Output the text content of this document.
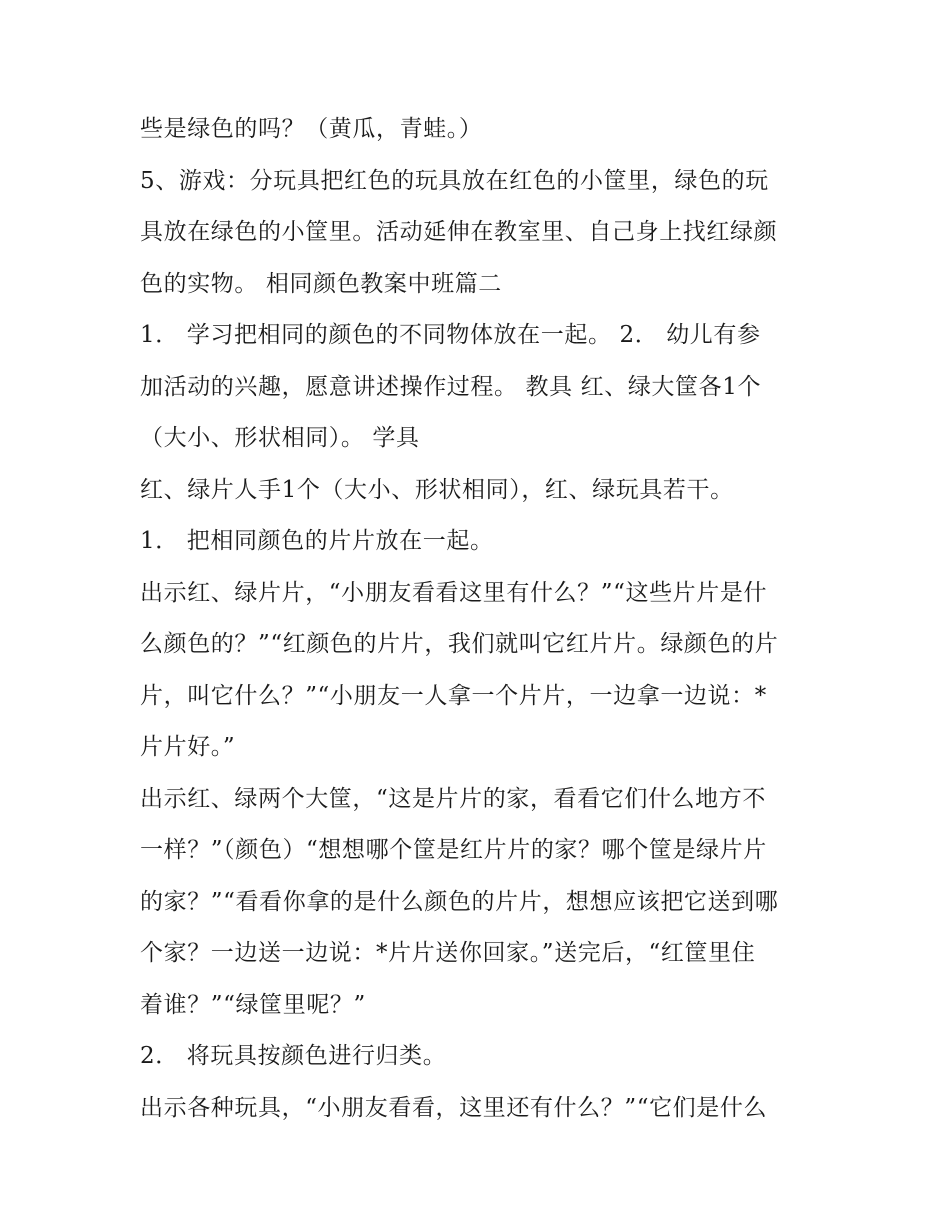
些是绿色的吗？（黄瓜，青蛙。）
5、游戏：分玩具把红色的玩具放在红色的小筐里，绿色的玩
具放在绿色的小筐里。活动延伸在教室里、自己身上找红绿颜
色的实物。 相同颜色教案中班篇二
1． 学习把相同的颜色的不同物体放在一起。 2． 幼儿有参
加活动的兴趣，愿意讲述操作过程。 教具 红、绿大筐各1个
（大小、形状相同）。 学具
红、绿片人手1个（大小、形状相同），红、绿玩具若干。
1． 把相同颜色的片片放在一起。
出示红、绿片片，“小朋友看看这里有什么？”“这些片片是什
么颜色的？”“红颜色的片片，我们就叫它红片片。绿颜色的片
片，叫它什么？”“小朋友一人拿一个片片，一边拿一边说：*
片片好。”
出示红、绿两个大筐，“这是片片的家，看看它们什么地方不
一样？”（颜色）“想想哪个筐是红片片的家？哪个筐是绿片片
的家？”“看看你拿的是什么颜色的片片，想想应该把它送到哪
个家？一边送一边说：*片片送你回家。”送完后，“红筐里住
着谁？”“绿筐里呢？”
2． 将玩具按颜色进行归类。
出示各种玩具，“小朋友看看，这里还有什么？”“它们是什么
